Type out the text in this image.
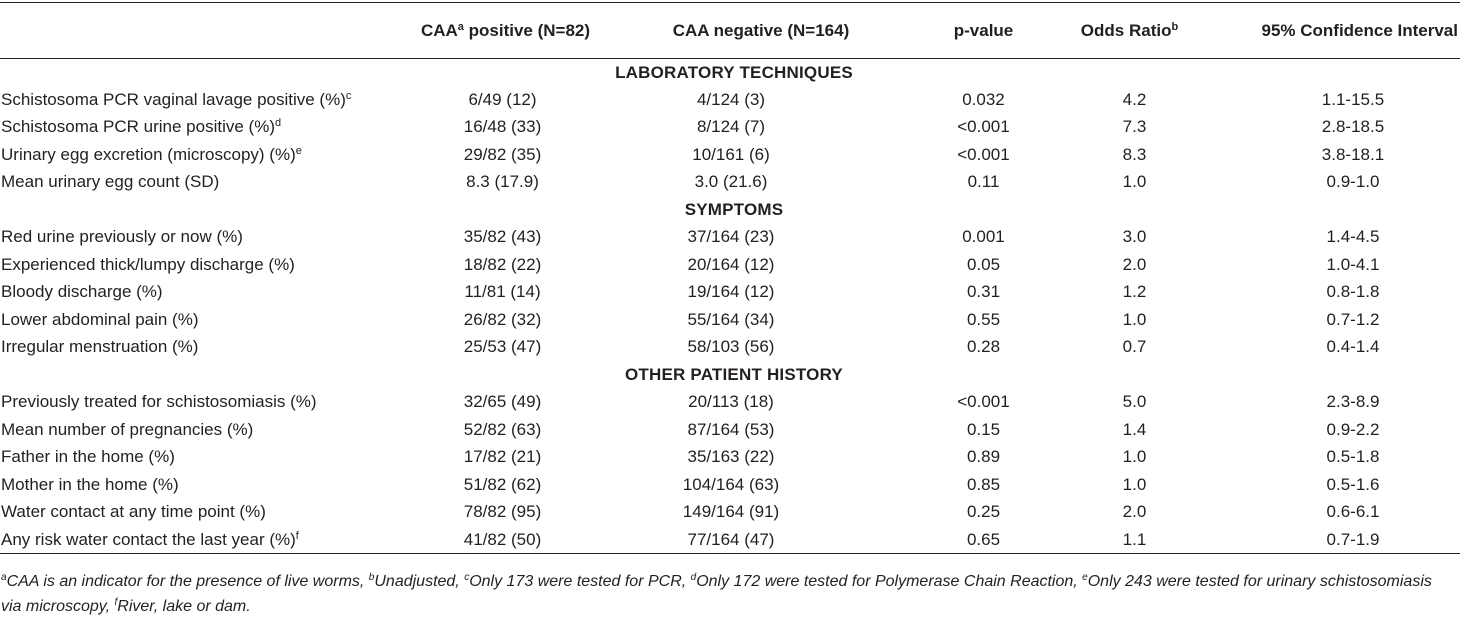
	CAA$^a$ positive (N=82)	CAA negative (N=164)	p-value	Odds Ratio$^b$	95% Confidence Interval
LABORATORY TECHNIQUES					
Schistosoma PCR vaginal lavage positive (%)$^c$	6/49 (12)	4/124 (3)	0.032	4.2	1.1-15.5
Schistosoma PCR urine positive (%)$^d$	16/48 (33)	8/124 (7)	<0.001	7.3	2.8-18.5
Urinary egg excretion (microscopy) (%)$^e$	29/82 (35)	10/161 (6)	<0.001	8.3	3.8-18.1
Mean urinary egg count (SD)	8.3 (17.9)	3.0 (21.6)	0.11	1.0	0.9-1.0
SYMPTOMS					
Red urine previously or now (%)	35/82 (43)	37/164 (23)	0.001	3.0	1.4-4.5
Experienced thick/lumpy discharge (%)	18/82 (22)	20/164 (12)	0.05	2.0	1.0-4.1
Bloody discharge (%)	11/81 (14)	19/164 (12)	0.31	1.2	0.8-1.8
Lower abdominal pain (%)	26/82 (32)	55/164 (34)	0.55	1.0	0.7-1.2
Irregular menstruation (%)	25/53 (47)	58/103 (56)	0.28	0.7	0.4-1.4
OTHER PATIENT HISTORY					
Previously treated for schistosomiasis (%)	32/65 (49)	20/113 (18)	<0.001	5.0	2.3-8.9
Mean number of pregnancies (%)	52/82 (63)	87/164 (53)	0.15	1.4	0.9-2.2
Father in the home (%)	17/82 (21)	35/163 (22)	0.89	1.0	0.5-1.8
Mother in the home (%)	51/82 (62)	104/164 (63)	0.85	1.0	0.5-1.6
Water contact at any time point (%)	78/82 (95)	149/164 (91)	0.25	2.0	0.6-6.1
Any risk water contact the last year (%)$^f$	41/82 (50)	77/164 (47)	0.65	1.1	0.7-1.9
$^a$CAA is an indicator for the presence of live worms, $^b$Unadjusted, $^c$Only 173 were tested for PCR, $^d$Only 172 were tested for Polymerase Chain Reaction, $^e$Only 243 were tested for urinary schistosomiasis via microscopy, $^f$River, lake or dam.
